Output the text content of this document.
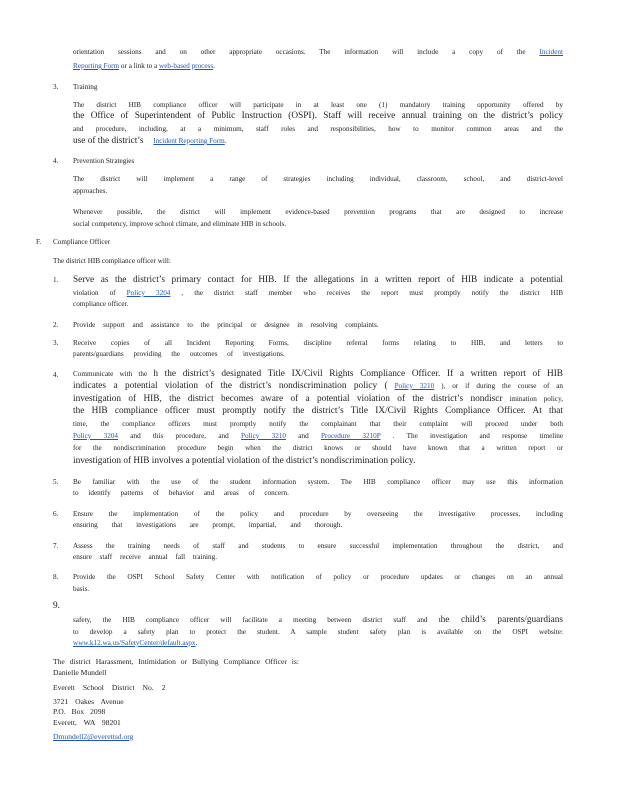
orientation sessions and on other appropriate occasions. The information will include a copy of the Incident
Reporting Form or a link to a web-based process.
3. Training
The district HIB compliance officer will participate in at least one (1) mandatory training opportunity offered by
the Office of Superintendent of Public Instruction (OSPI). Staff will receive annual training on the district’s policy
and procedure, including, at a minimum, staff roles and responsibilities, how to monitor common areas and the
use of the district’s Incident Reporting Form.
4. Prevention Strategies
The district will implement a range of strategies including individual, classroom, school, and district-level
approaches.
Whenever possible, the district will implement evidence-based prevention programs that are designed to increase
social competency, improve school climate, and eliminate HIB in schools.
F. Compliance Officer
The district HIB compliance officer will:
1. Serve as the district’s primary contact for HIB. If the allegations in a written report of HIB indicate a potential
violation of Policy 3204 , the district staff member who receives the report must promptly notify the district HIB
compliance officer.
2. Provide support and assistance to the principal or designee in resolving complaints.
3. Receive copies of all Incident Reporting Forms, discipline referral forms relating to HIB, and letters to
parents/guardians providing the outcomes of investigations.
4. Communicate with the h the district’s designated Title IX/Civil Rights Compliance Officer. If a written report of HIB
indicates a potential violation of the district’s nondiscrimination policy ( Policy 3210 ), or if during the course of an
investigation of HIB, the district becomes aware of a potential violation of the district’s nondiscr imination policy,
the HIB compliance officer must promptly notify the district’s Title IX/Civil Rights Compliance Officer. At that
time, the compliance officers must promptly notify the complainant that their complaint will proceed under both
Policy 3204 and this procedure, and Policy 3210 and Procedure 3210P . The investigation and response timeline
for the nondiscrimination procedure begin when the district knows or should have known that a written report or
investigation of HIB involves a potential violation of the district’s nondiscrimination policy.
5. Be familiar with the use of the student information system. The HIB compliance officer may use this information
to identify patterns of behavior and areas of concern.
6. Ensure the implementation of the policy and procedure by overseeing the investigative processes, including
ensuring that investigations are prompt, impartial, and thorough.
7. Assess the training needs of staff and students to ensure successful implementation throughout the district, and
ensure staff receive annual fall training.
8. Provide the OSPI School Safety Center with notification of policy or procedure updates or changes on an annual
basis.
9.
safety, the HIB compliance officer will facilitate a meeting between district staff and the child’s parents/guardians
to develop a safety plan to protect the student. A sample student safety plan is available on the OSPI website:
www.k12.wa.us/SafetyCenter/default.aspx.
The district Harassment, Intimidation or Bullying Compliance Officer is:
Danielle Mundell
Everett School District No. 2
3721 Oakes Avenue
P.O. Box 2098
Everett, WA 98201
Dmundell2@everettsd.org
